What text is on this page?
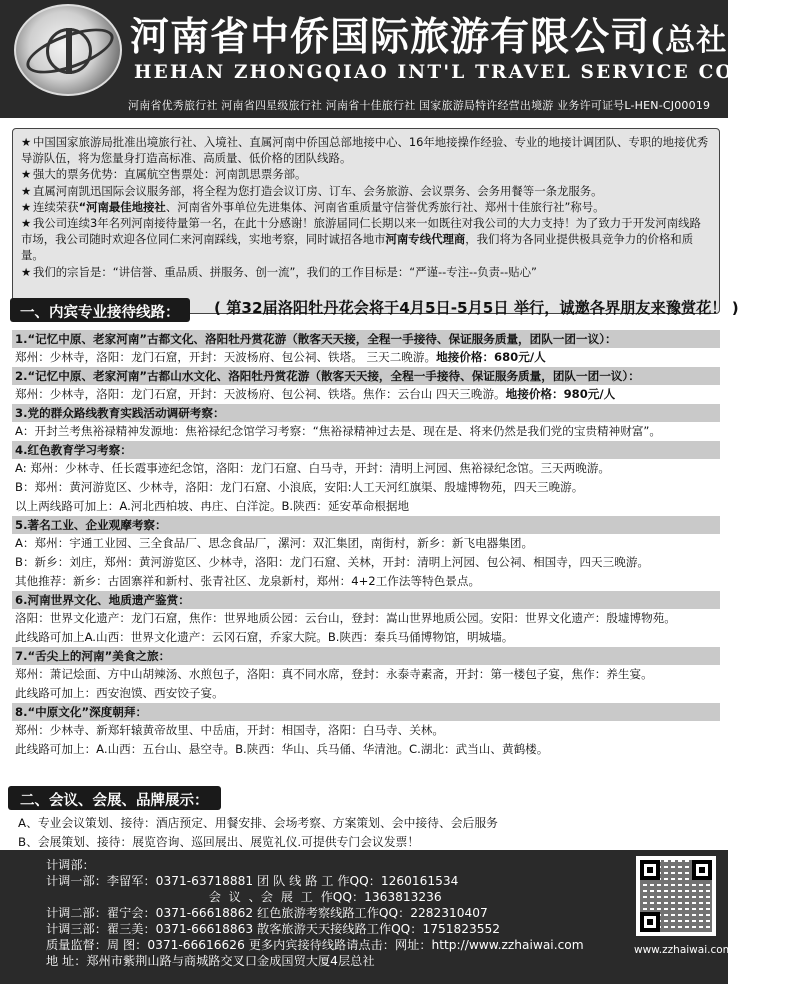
河南省中侨国际旅游有限公司(总社)
HEHAN ZHONGQIAO INT'L TRAVEL SERVICE CO., LTD
河南省优秀旅行社 河南省四星级旅行社 河南省十佳旅行社 国家旅游局特许经营出境游 业务许可证号L-HEN-CJ00019

★ 中国国家旅游局批准出境旅行社、入境社、直属河南中侨国总部地接中心、16年地接操作经验、专业的地接计调团队、专职的地接优秀导游队伍，将为您量身打造高标准、高质量、低价格的团队线路。

★ 强大的票务优势：直属航空售票处：河南凯思票务部。

★ 直属河南凯迅国际会议服务部，将全程为您打造会议订房、订车、会务旅游、会议票务、会务用餐等一条龙服务。

★ 连续荣获“河南最佳地接社、河南省外事单位先进集体、河南省重质量守信誉优秀旅行社、郑州十佳旅行社”称号。

★ 我公司连续3年名列河南接待量第一名，在此十分感谢！旅游届同仁长期以来一如既往对我公司的大力支持！为了致力于开发河南线路市场，我公司随时欢迎各位同仁来河南踩线，实地考察，同时诚招各地市河南专线代理商，我们将为各同业提供极具竞争力的价格和质量。

★ 我们的宗旨是：“讲信誉、重品质、拼服务、创一流”，我们的工作目标是：“严谨--专注--负责--贴心”

一、内宾专业接待线路：	( 第32届洛阳牡丹花会将于4月5日-5月5日 举行，诚邀各界朋友来豫赏花！ )
1.“记忆中原、老家河南”古都文化、洛阳牡丹赏花游（散客天天接，全程一手接待、保证服务质量，团队一团一议）：
郑州：少林寺，洛阳：龙门石窟，开封：天波杨府、包公祠、铁塔。 三天二晚游。地接价格：680元/人
2.“记忆中原、老家河南”古都山水文化、洛阳牡丹赏花游（散客天天接，全程一手接待、保证服务质量，团队一团一议）：
郑州：少林寺，洛阳：龙门石窟，开封：天波杨府、包公祠、铁塔。焦作：云台山 四天三晚游。地接价格：980元/人
3.党的群众路线教育实践活动调研考察：
A：开封兰考焦裕禄精神发源地：焦裕禄纪念馆学习考察：“焦裕禄精神过去是、现在是、将来仍然是我们党的宝贵精神财富”。
4.红色教育学习考察：
A: 郑州：少林寺、任长霞事迹纪念馆，洛阳：龙门石窟、白马寺，开封：清明上河园、焦裕禄纪念馆。三天两晚游。
B：郑州：黄河游览区、少林寺，洛阳：龙门石窟、小浪底，安阳:人工天河红旗渠、殷墟博物苑，四天三晚游。
以上两线路可加上：A.河北西柏坡、冉庄、白洋淀。B.陕西：延安革命根据地
5.著名工业、企业观摩考察：
A：郑州：宇通工业园、三全食品厂、思念食品厂，漯河：双汇集团，南街村，新乡：新飞电器集团。
B：新乡：刘庄，郑州：黄河游览区、少林寺，洛阳：龙门石窟、关林，开封：清明上河园、包公祠、相国寺，四天三晚游。
其他推荐：新乡：古固寨祥和新村、张青社区、龙泉新村，郑州：4+2工作法等特色景点。
6.河南世界文化、地质遗产鉴赏：
洛阳：世界文化遗产：龙门石窟，焦作：世界地质公园：云台山，登封：嵩山世界地质公园。安阳：世界文化遗产：殷墟博物苑。
此线路可加上A.山西：世界文化遗产：云冈石窟，乔家大院。B.陕西：秦兵马俑博物馆，明城墙。
7.“舌尖上的河南”美食之旅：
郑州：萧记烩面、方中山胡辣汤、水煎包子，洛阳：真不同水席，登封：永泰寺素斋，开封：第一楼包子宴，焦作：养生宴。
此线路可加上：西安泡馍、西安饺子宴。
8.“中原文化”深度朝拜：
郑州：少林寺、新郑轩辕黄帝故里、中岳庙，开封：相国寺，洛阳：白马寺、关林。
此线路可加上：A.山西：五台山、悬空寺。B.陕西：华山、兵马俑、华清池。C.湖北：武当山、黄鹤楼。
二、会议、会展、品牌展示：
A、专业会议策划、接待：酒店预定、用餐安排、会场考察、方案策划、会中接待、会后服务
B、会展策划、接待：展览咨询、巡回展出、展览礼仪.可提供专门会议发票！
计调部：
计调一部：李留军：0371-63718881 团 队 线 路 工 作QQ：1260161534
会  议  、会  展  工  作QQ：1363813236
计调二部：翟宁会：0371-66618862 红色旅游考察线路工作QQ：2282310407
计调三部：翟三美：0371-66618863 散客旅游天天接线路工作QQ：1751823552
质量监督：周 图：0371-66616626 更多内宾接待线路请点击：网址：http://www.zzhaiwai.com
地 址：郑州市紫荆山路与商城路交叉口金成国贸大厦4层总社
www.zzhaiwai.com
